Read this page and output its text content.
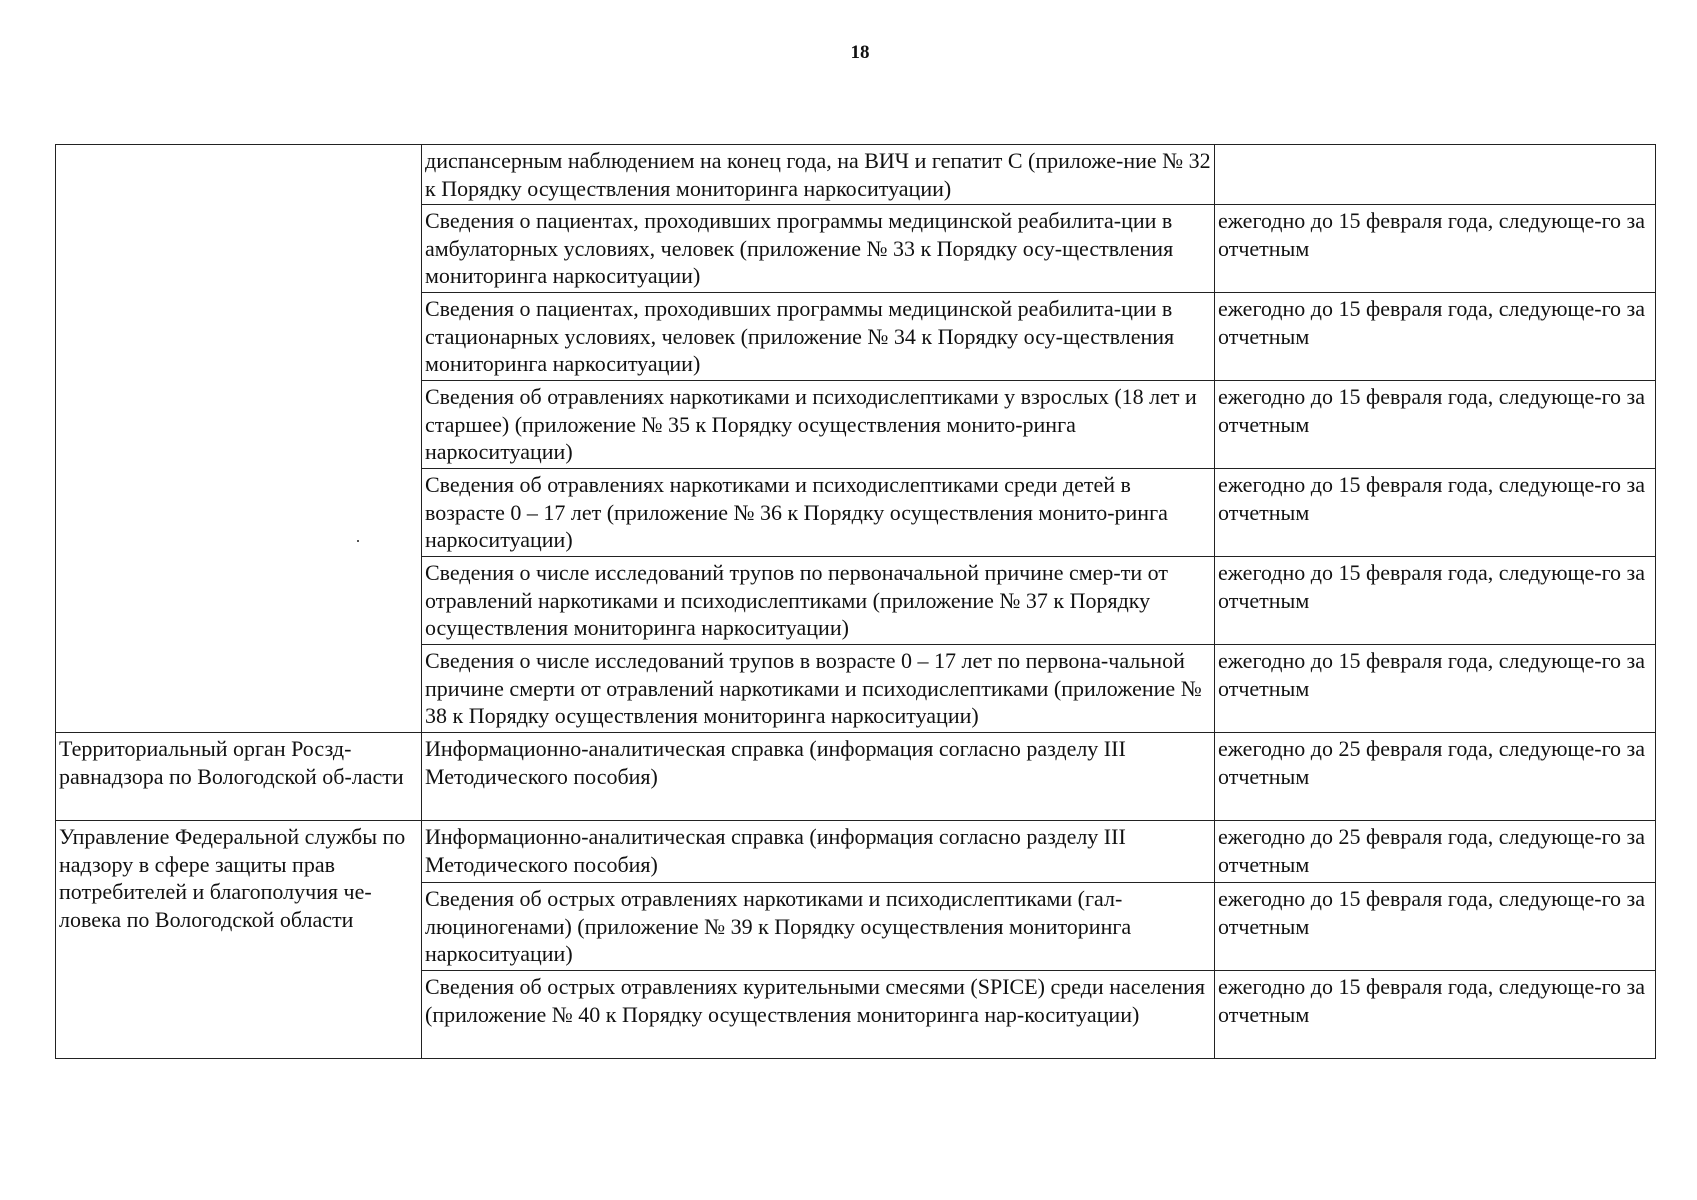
18
	диспансерным наблюдением на конец года, на ВИЧ и гепатит С (приложе-ние № 32 к Порядку осуществления мониторинга наркоситуации)	
	Сведения о пациентах, проходивших программы медицинской реабилита-ции в амбулаторных условиях, человек (приложение № 33 к Порядку осу-ществления мониторинга наркоситуации)	ежегодно до 15 февраля года, следующе-го за отчетным
	Сведения о пациентах, проходивших программы медицинской реабилита-ции в стационарных условиях, человек (приложение № 34 к Порядку осу-ществления мониторинга наркоситуации)	ежегодно до 15 февраля года, следующе-го за отчетным
	Сведения об отравлениях наркотиками и психодислептиками у взрослых (18 лет и старшее) (приложение № 35 к Порядку осуществления монито-ринга наркоситуации)	ежегодно до 15 февраля года, следующе-го за отчетным
	Сведения об отравлениях наркотиками и психодислептиками среди детей в возрасте 0 – 17 лет (приложение № 36 к Порядку осуществления монито-ринга наркоситуации)	ежегодно до 15 февраля года, следующе-го за отчетным
	Сведения о числе исследований трупов по первоначальной причине смер-ти от отравлений наркотиками и психодислептиками (приложение № 37 к Порядку осуществления мониторинга наркоситуации)	ежегодно до 15 февраля года, следующе-го за отчетным
	Сведения о числе исследований трупов в возрасте 0 – 17 лет по первона-чальной причине смерти от отравлений наркотиками и психодислептиками (приложение № 38 к Порядку осуществления мониторинга наркоситуации)	ежегодно до 15 февраля года, следующе-го за отчетным
Территориальный орган Росзд-равнадзора по Вологодской об-ласти	Информационно-аналитическая справка (информация согласно разделу III Методического пособия)	ежегодно до 25 февраля года, следующе-го за отчетным
Управление Федеральной службы по надзору в сфере защиты прав потребителей и благополучия че-ловека по Вологодской области	Информационно-аналитическая справка (информация согласно разделу III Методического пособия)	ежегодно до 25 февраля года, следующе-го за отчетным
	Сведения об острых отравлениях наркотиками и психодислептиками (гал-люциногенами) (приложение № 39 к Порядку осуществления мониторинга наркоситуации)	ежегодно до 15 февраля года, следующе-го за отчетным
	Сведения об острых отравлениях курительными смесями (SPICE) среди населения (приложение № 40 к Порядку осуществления мониторинга нар-коситуации)	ежегодно до 15 февраля года, следующе-го за отчетным
